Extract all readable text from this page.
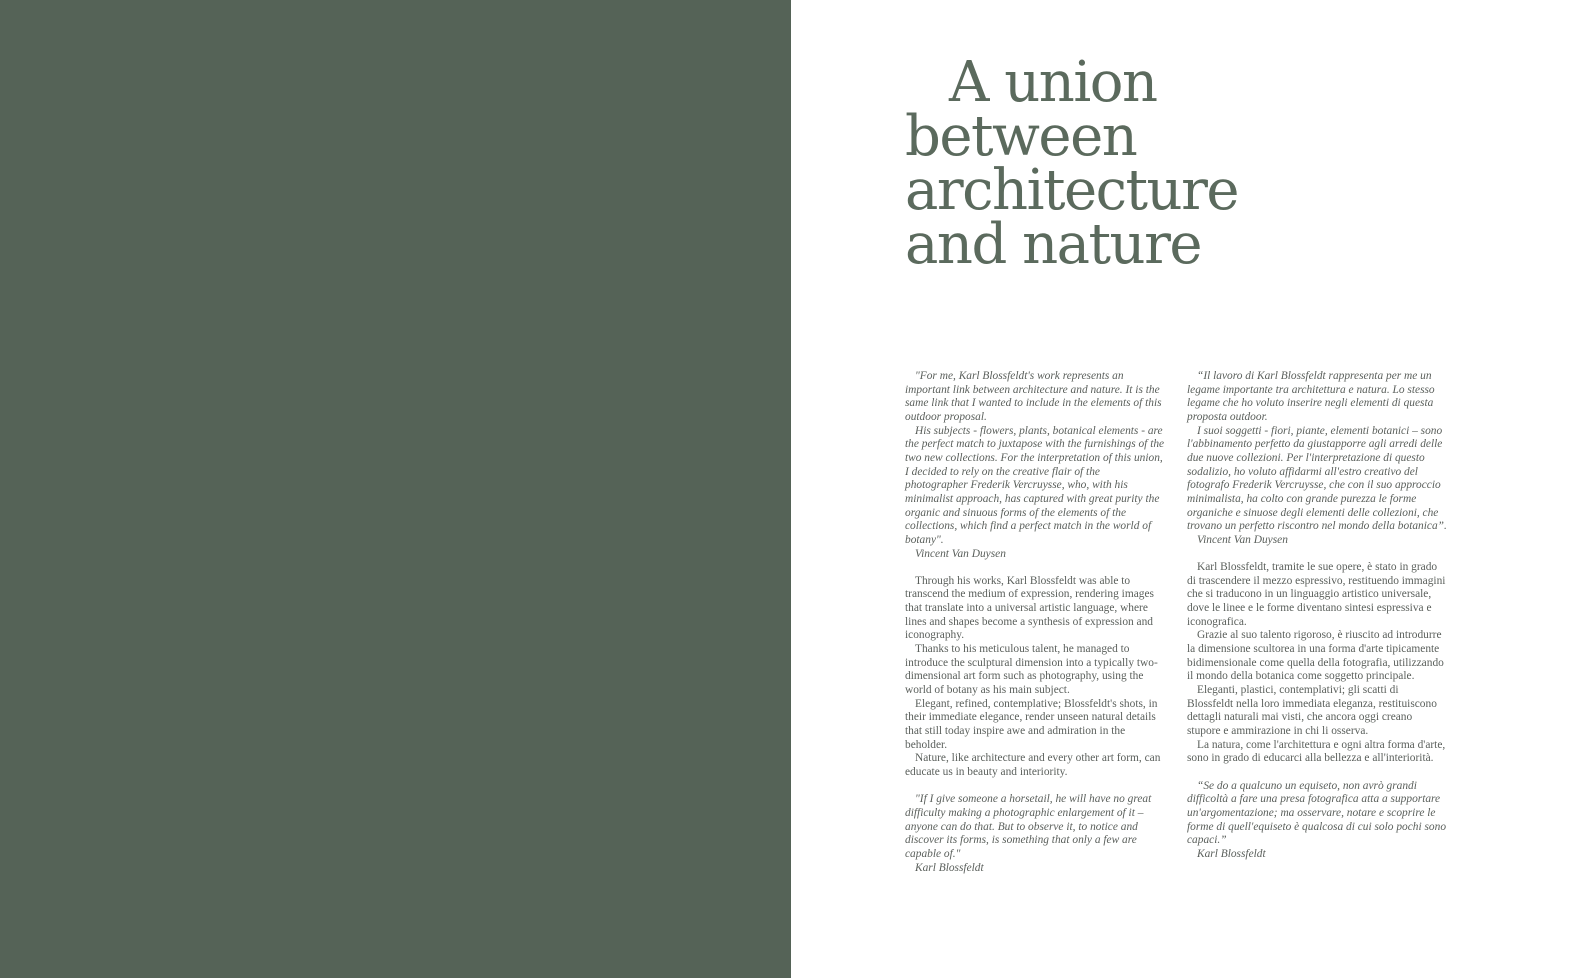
A union
between
architecture
and nature

"For me, Karl Blossfeldt's work represents an important link between architecture and nature. It is the same link that I wanted to include in the elements of this outdoor proposal.

His subjects - flowers, plants, botanical elements - are the perfect match to juxtapose with the furnishings of the two new collections. For the interpretation of this union, I decided to rely on the creative flair of the photographer Frederik Vercruysse, who, with his minimalist approach, has captured with great purity the organic and sinuous forms of the elements of the collections, which find a perfect match in the world of botany".

Vincent Van Duysen

Through his works, Karl Blossfeldt was able to transcend the medium of expression, rendering images that translate into a universal artistic language, where lines and shapes become a synthesis of expression and iconography.

Thanks to his meticulous talent, he managed to introduce the sculptural dimension into a typically two-dimensional art form such as photography, using the world of botany as his main subject.

Elegant, refined, contemplative; Blossfeldt's shots, in their immediate elegance, render unseen natural details that still today inspire awe and admiration in the beholder.

Nature, like architecture and every other art form, can educate us in beauty and interiority.

"If I give someone a horsetail, he will have no great difficulty making a photographic enlargement of it – anyone can do that. But to observe it, to notice and discover its forms, is something that only a few are capable of."

Karl Blossfeldt

“Il lavoro di Karl Blossfeldt rappresenta per me un legame importante tra architettura e natura. Lo stesso legame che ho voluto inserire negli elementi di questa proposta outdoor.

I suoi soggetti - fiori, piante, elementi botanici – sono l'abbinamento perfetto da giustapporre agli arredi delle due nuove collezioni. Per l'interpretazione di questo sodalizio, ho voluto affidarmi all'estro creativo del fotografo Frederik Vercruysse, che con il suo approccio minimalista, ha colto con grande purezza le forme organiche e sinuose degli elementi delle collezioni, che trovano un perfetto riscontro nel mondo della botanica”.

Vincent Van Duysen

Karl Blossfeldt, tramite le sue opere, è stato in grado di trascendere il mezzo espressivo, restituendo immagini che si traducono in un linguaggio artistico universale, dove le linee e le forme diventano sintesi espressiva e iconografica.

Grazie al suo talento rigoroso, è riuscito ad introdurre la dimensione scultorea in una forma d'arte tipicamente bidimensionale come quella della fotografia, utilizzando il mondo della botanica come soggetto principale.

Eleganti, plastici, contemplativi; gli scatti di Blossfeldt nella loro immediata eleganza, restituiscono dettagli naturali mai visti, che ancora oggi creano stupore e ammirazione in chi li osserva.

La natura, come l'architettura e ogni altra forma d'arte, sono in grado di educarci alla bellezza e all'interiorità.

“Se do a qualcuno un equiseto, non avrò grandi difficoltà a fare una presa fotografica atta a supportare un'argomentazione; ma osservare, notare e scoprire le forme di quell'equiseto è qualcosa di cui solo pochi sono capaci.”

Karl Blossfeldt
